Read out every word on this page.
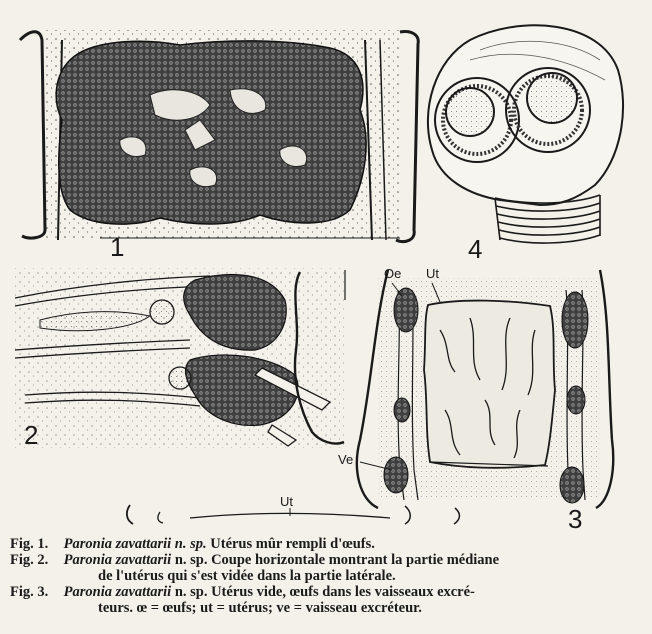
1
2
3
4
Oe Ut
Ve
Ut
Fig. 1. Paronia zavattarii n. sp. Utérus mûr rempli d'œufs.
Fig. 2. Paronia zavattarii n. sp. Coupe horizontale montrant la partie médiane
de l'utérus qui s'est vidée dans la partie latérale.
Fig. 3. Paronia zavattarii n. sp. Utérus vide, œufs dans les vaisseaux excré-
teurs. œ = œufs; ut = utérus; ve = vaisseau excréteur.
